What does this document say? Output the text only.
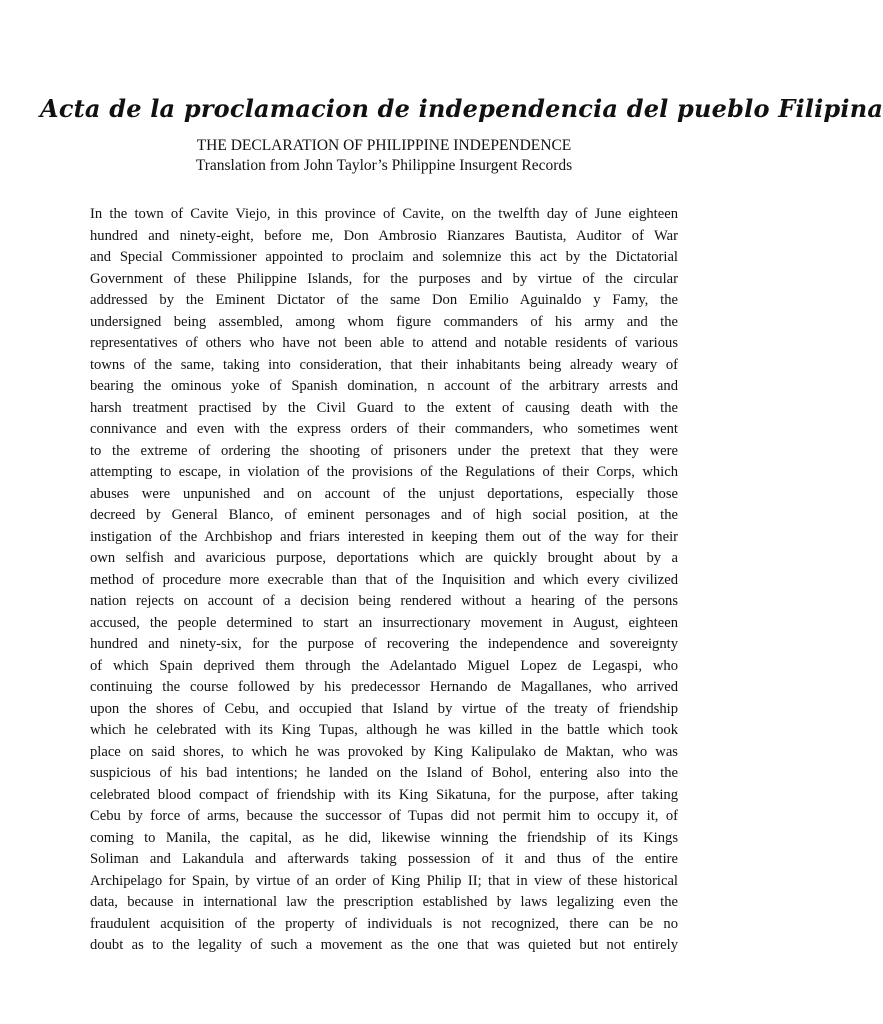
Acta de la proclamacion de independencia del pueblo Filipina
THE DECLARATION OF PHILIPPINE INDEPENDENCE
Translation from John Taylor’s Philippine Insurgent Records
In the town of Cavite Viejo, in this province of Cavite, on the twelfth day of June eighteen
hundred and ninety-eight, before me, Don Ambrosio Rianzares Bautista, Auditor of War
and Special Commissioner appointed to proclaim and solemnize this act by the Dictatorial
Government of these Philippine Islands, for the purposes and by virtue of the circular
addressed by the Eminent Dictator of the same Don Emilio Aguinaldo y Famy, the
undersigned being assembled, among whom figure commanders of his army and the
representatives of others who have not been able to attend and notable residents of various
towns of the same, taking into consideration, that their inhabitants being already weary of
bearing the ominous yoke of Spanish domination, n account of the arbitrary arrests and
harsh treatment practised by the Civil Guard to the extent of causing death with the
connivance and even with the express orders of their commanders, who sometimes went
to the extreme of ordering the shooting of prisoners under the pretext that they were
attempting to escape, in violation of the provisions of the Regulations of their Corps, which
abuses were unpunished and on account of the unjust deportations, especially those
decreed by General Blanco, of eminent personages and of high social position, at the
instigation of the Archbishop and friars interested in keeping them out of the way for their
own selfish and avaricious purpose, deportations which are quickly brought about by a
method of procedure more execrable than that of the Inquisition and which every civilized
nation rejects on account of a decision being rendered without a hearing of the persons
accused, the people determined to start an insurrectionary movement in August, eighteen
hundred and ninety-six, for the purpose of recovering the independence and sovereignty
of which Spain deprived them through the Adelantado Miguel Lopez de Legaspi, who
continuing the course followed by his predecessor Hernando de Magallanes, who arrived
upon the shores of Cebu, and occupied that Island by virtue of the treaty of friendship
which he celebrated with its King Tupas, although he was killed in the battle which took
place on said shores, to which he was provoked by King Kalipulako de Maktan, who was
suspicious of his bad intentions; he landed on the Island of Bohol, entering also into the
celebrated blood compact of friendship with its King Sikatuna, for the purpose, after taking
Cebu by force of arms, because the successor of Tupas did not permit him to occupy it, of
coming to Manila, the capital, as he did, likewise winning the friendship of its Kings
Soliman and Lakandula and afterwards taking possession of it and thus of the entire
Archipelago for Spain, by virtue of an order of King Philip II; that in view of these historical
data, because in international law the prescription established by laws legalizing even the
fraudulent acquisition of the property of individuals is not recognized, there can be no
doubt as to the legality of such a movement as the one that was quieted but not entirely
